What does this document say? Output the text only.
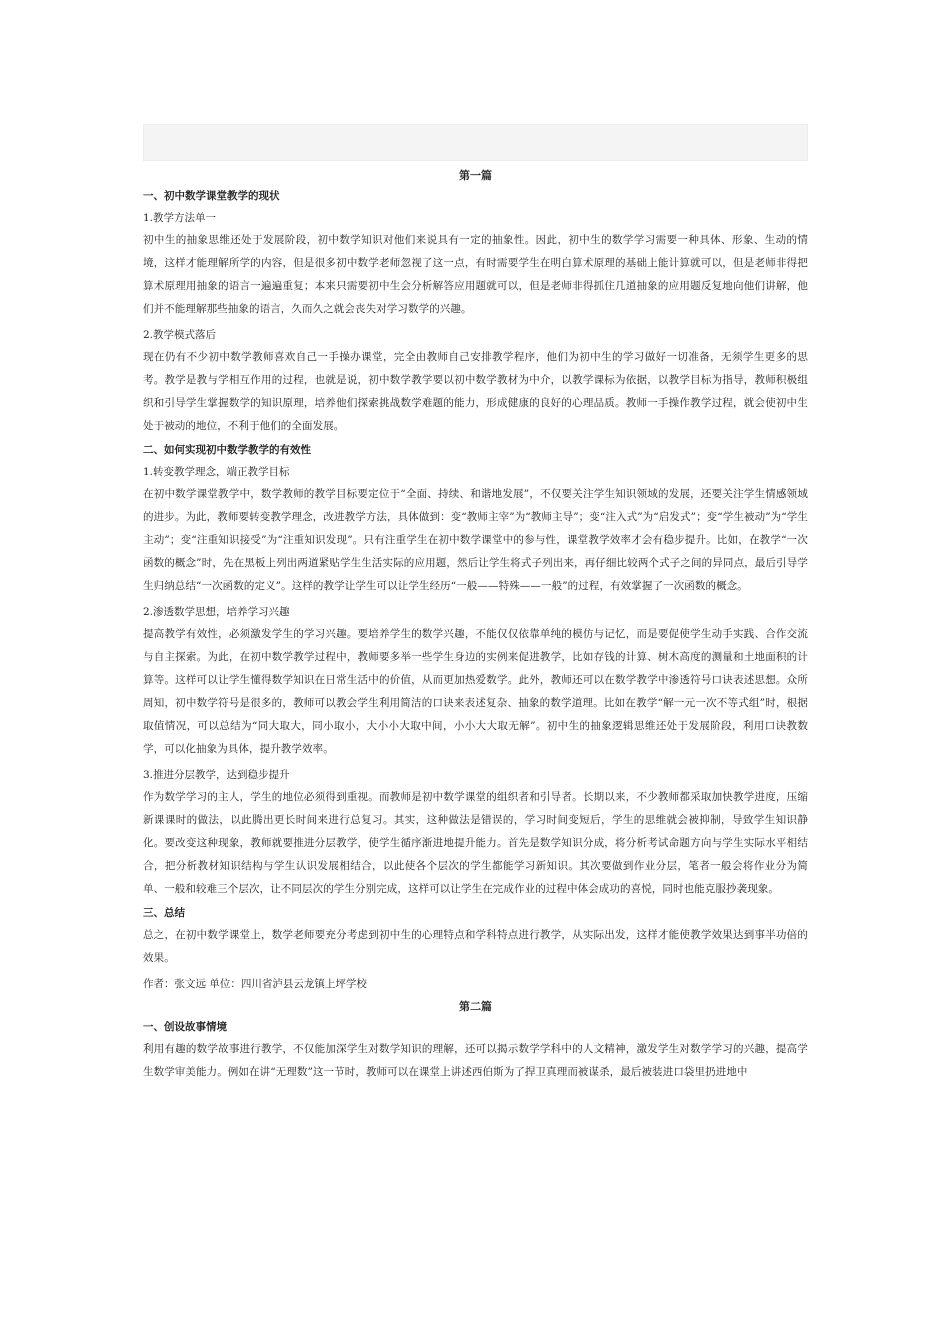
第一篇
一、初中数学课堂教学的现状
1.教学方法单一
初中生的抽象思维还处于发展阶段，初中数学知识对他们来说具有一定的抽象性。因此，初中生的数学学习需要一种具体、形象、生动的情境，这样才能理解所学的内容，但是很多初中数学老师忽视了这一点，有时需要学生在明白算术原理的基础上能计算就可以，但是老师非得把算术原理用抽象的语言一遍遍重复；本来只需要初中生会分析解答应用题就可以，但是老师非得抓住几道抽象的应用题反复地向他们讲解，他们并不能理解那些抽象的语言，久而久之就会丧失对学习数学的兴趣。
2.教学模式落后
现在仍有不少初中数学教师喜欢自己一手操办课堂，完全由教师自己安排教学程序，他们为初中生的学习做好一切准备，无须学生更多的思考。教学是教与学相互作用的过程，也就是说，初中数学教学要以初中数学教材为中介，以教学课标为依据，以教学目标为指导，教师积极组织和引导学生掌握数学的知识原理，培养他们探索挑战数学难题的能力，形成健康的良好的心理品质。教师一手操作教学过程，就会使初中生处于被动的地位，不利于他们的全面发展。
二、如何实现初中数学教学的有效性
1.转变教学理念，端正教学目标
在初中数学课堂教学中，数学教师的教学目标要定位于“全面、持续、和谐地发展”，不仅要关注学生知识领域的发展，还要关注学生情感领域的进步。为此，教师要转变教学理念，改进教学方法，具体做到：变“教师主宰”为“教师主导”；变“注入式”为“启发式”；变“学生被动”为“学生主动”；变“注重知识接受”为“注重知识发现”。只有注重学生在初中数学课堂中的参与性，课堂教学效率才会有稳步提升。比如，在教学“一次函数的概念”时，先在黑板上列出两道紧贴学生生活实际的应用题，然后让学生将式子列出来，再仔细比较两个式子之间的异同点，最后引导学生归纳总结“一次函数的定义”。这样的教学让学生可以让学生经历“一般——特殊——一般”的过程，有效掌握了一次函数的概念。
2.渗透数学思想，培养学习兴趣
提高教学有效性，必须激发学生的学习兴趣。要培养学生的数学兴趣，不能仅仅依靠单纯的模仿与记忆，而是要促使学生动手实践、合作交流与自主探索。为此，在初中数学教学过程中，教师要多举一些学生身边的实例来促进教学，比如存钱的计算、树木高度的测量和土地面积的计算等。这样可以让学生懂得数学知识在日常生活中的价值，从而更加热爱数学。此外，教师还可以在数学教学中渗透符号口诀表述思想。众所周知，初中数学符号是很多的，教师可以教会学生利用简洁的口诀来表述复杂、抽象的数学道理。比如在教学“解一元一次不等式组”时，根据取值情况，可以总结为“同大取大，同小取小，大小小大取中间，小小大大取无解”。初中生的抽象逻辑思维还处于发展阶段，利用口诀教数学，可以化抽象为具体，提升教学效率。
3.推进分层教学，达到稳步提升
作为数学学习的主人，学生的地位必须得到重视。而教师是初中数学课堂的组织者和引导者。长期以来，不少教师都采取加快教学进度，压缩新课课时的做法，以此腾出更长时间来进行总复习。其实，这种做法是错误的，学习时间变短后，学生的思维就会被抑制，导致学生知识静化。要改变这种现象，教师就要推进分层教学，使学生循序渐进地提升能力。首先是数学知识分成，将分析考试命题方向与学生实际水平相结合，把分析教材知识结构与学生认识发展相结合，以此使各个层次的学生都能学习新知识。其次要做到作业分层，笔者一般会将作业分为简单、一般和较难三个层次，让不同层次的学生分别完成，这样可以让学生在完成作业的过程中体会成功的喜悦，同时也能克服抄袭现象。
三、总结
总之，在初中数学课堂上，数学老师要充分考虑到初中生的心理特点和学科特点进行教学，从实际出发，这样才能使教学效果达到事半功倍的效果。
作者：张文远 单位：四川省泸县云龙镇上坪学校
第二篇
一、创设故事情境
利用有趣的数学故事进行教学，不仅能加深学生对数学知识的理解，还可以揭示数学学科中的人文精神，激发学生对数学学习的兴趣，提高学生数学审美能力。例如在讲“无理数”这一节时，教师可以在课堂上讲述西伯斯为了捍卫真理而被谋杀，最后被装进口袋里扔进地中
